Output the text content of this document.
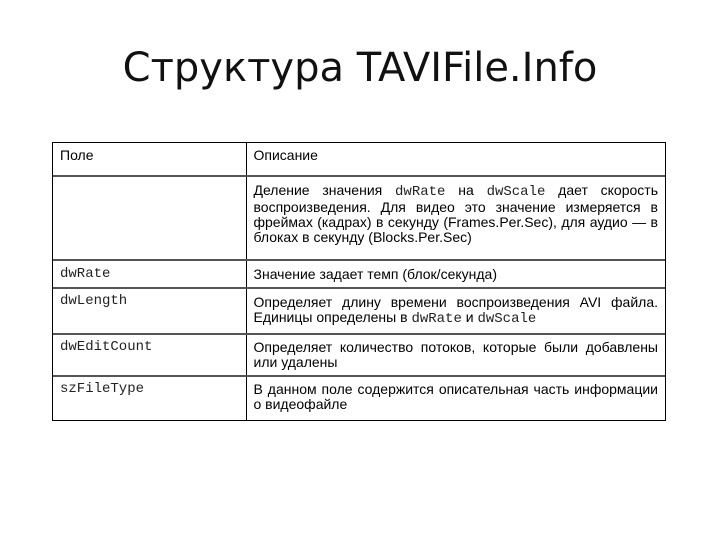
Структура TAVIFile.Info
Поле	Описание
	Деление значения dwRate на dwScale дает скорость воспроизведения. Для видео это значение измеряется в фреймах (кадрах) в секунду (Frames.Per.Sec), для аудио — в блоках в секунду (Blocks.Per.Sec)
dwRate	Значение задает темп (блок/секунда)
dwLength	Определяет длину времени воспроизведения AVI файла. Единицы определены в dwRate и dwScale
dwEditCount	Определяет количество потоков, которые были добавлены или удалены
szFileType	В данном поле содержится описательная часть информации о видеофайле
